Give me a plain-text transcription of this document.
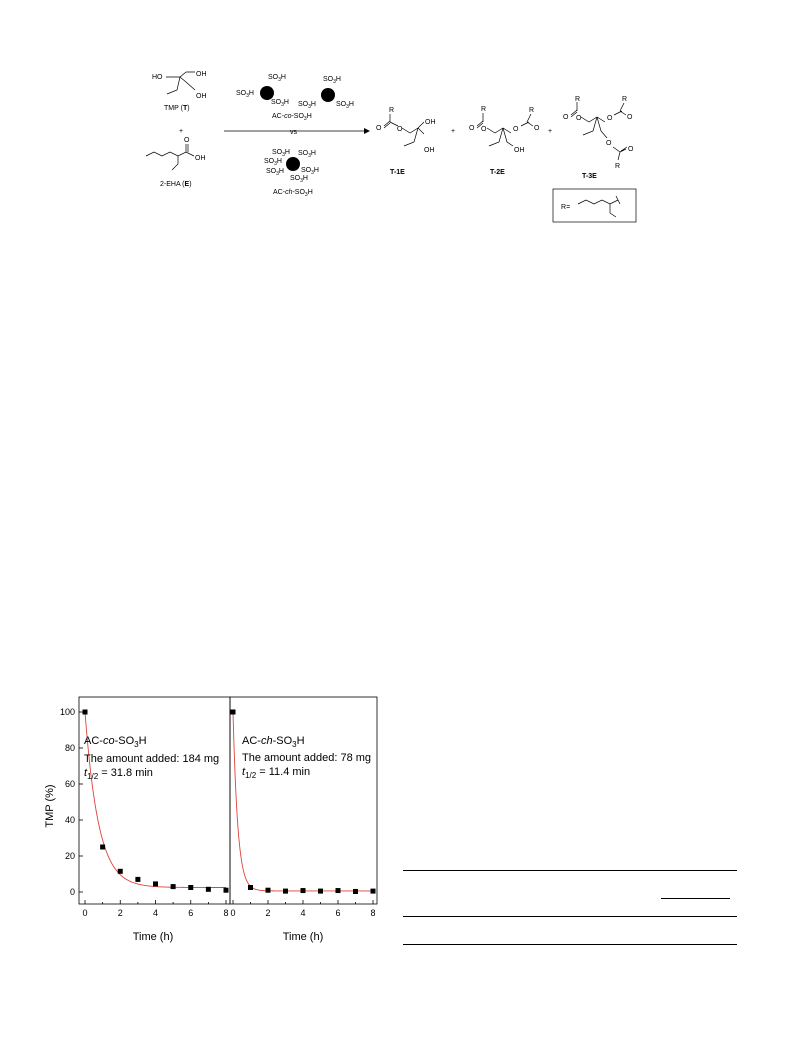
HO	OH
OH
TMP (T)
+
O
OH
2-EHA (E)
$SO_3H$
$SO_3H$
$SO_3H$
$SO_3H$
$SO_3H$	$SO_3H$
$AC-co-SO_3H$
vs
$SO_3H$ $SO_3H$
$SO_3H$
$SO_3H$
$SO_3H$
$SO_3H$
$AC-ch-SO_3H$
R
O O
OH
OH
T-1E
+
R
O O
R
O O
OH
T-2E
+
R
O O
R
O O
O
O
R
T-3E
R=
TMP (%)
Time (h)	Time (h)
0	2	4	6	8
0
20
40
60
80
100
0	2	4	6	8
$AC-co-SO_3H$
The amount added: 184 mg
$t_{1/2} = 31.8$ min
$AC-ch-SO_3H$
The amount added: 78 mg
$t_{1/2} = 11.4$ min
